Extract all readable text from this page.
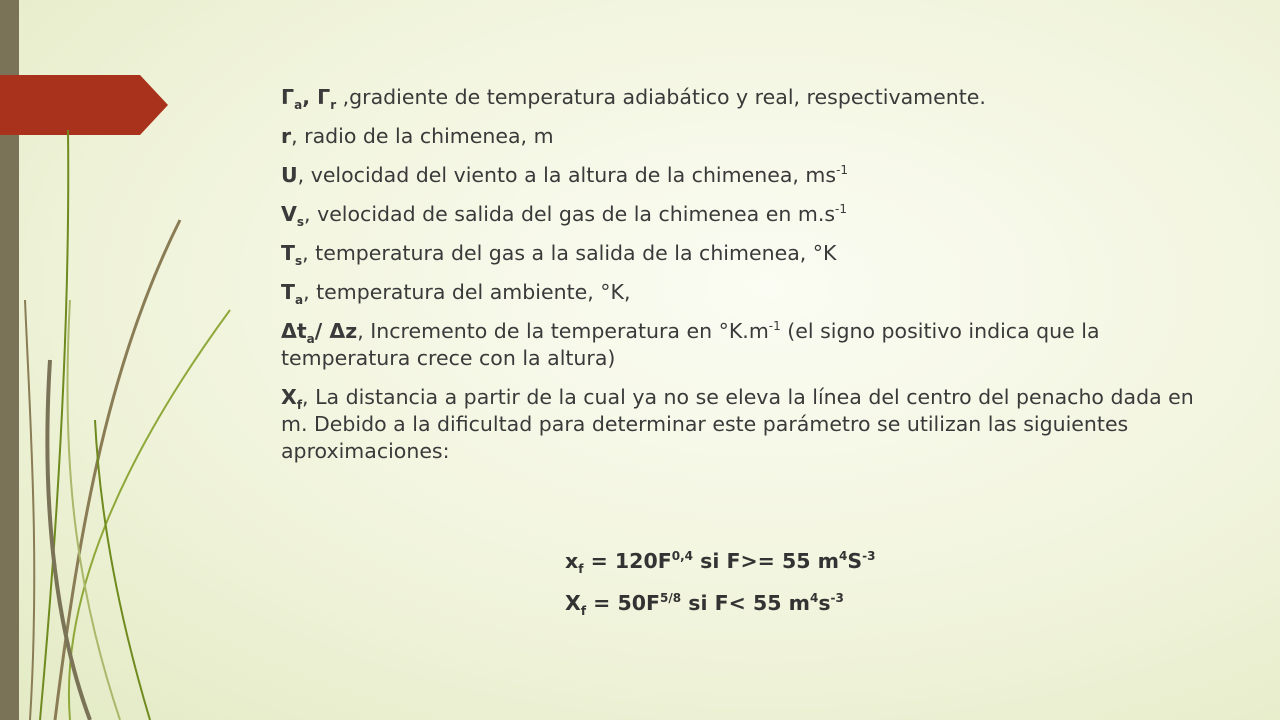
$\Gamma_a$, $\Gamma_r$ ,gradiente de temperatura adiabático y real, respectivamente.

r, radio de la chimenea, m

U, velocidad del viento a la altura de la chimenea, $ms^{-1}$

$V_s$, velocidad de salida del gas de la chimenea en $m.s^{-1}$

$T_s$, temperatura del gas a la salida de la chimenea, °K

$T_a$, temperatura del ambiente, °K,

$\Delta t_a/$ Δz, Incremento de la temperatura en $^\circ K.m^{-1}$ (el signo positivo indica que la temperatura crece con la altura)

$X_f$, La distancia a partir de la cual ya no se eleva la línea del centro del penacho dada en m. Debido a la dificultad para determinar este parámetro se utilizan las siguientes aproximaciones:

$x_f = 120F^{0,4}$ si F>= 55 $m^4S^{-3}$
$X_f = 50F^{5/8}$ si F< 55 $m^4s^{-3}$
